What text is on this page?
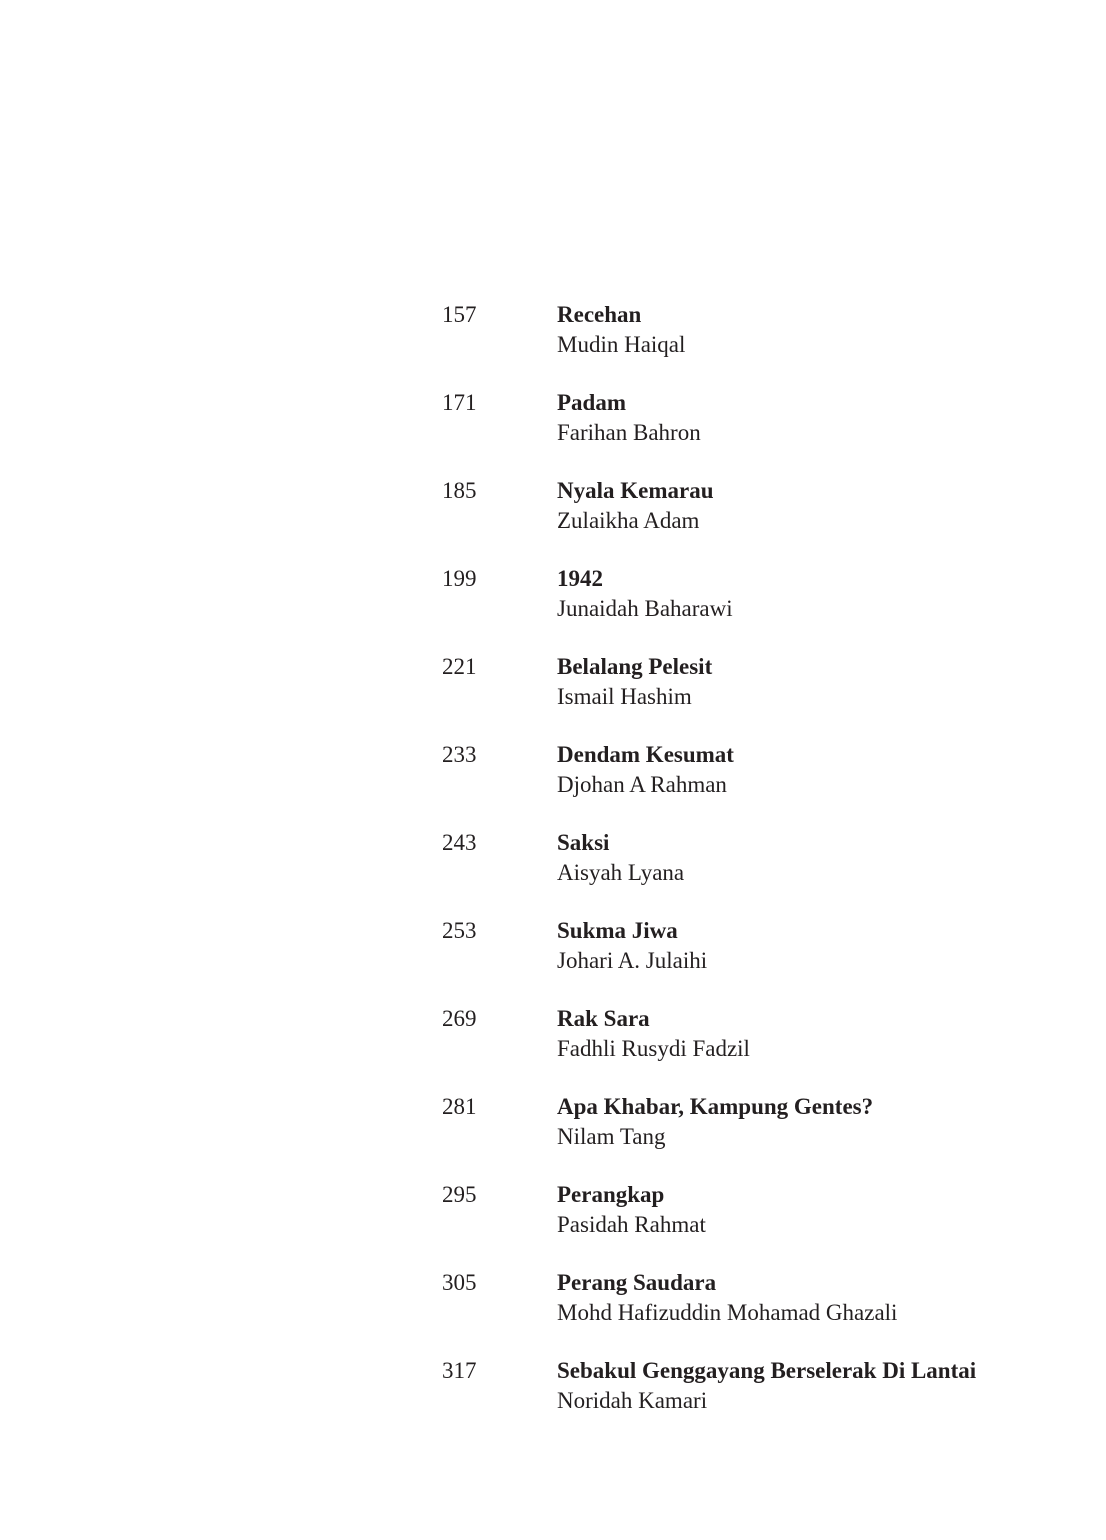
157	Recehan
Mudin Haiqal
171	Padam
Farihan Bahron
185	Nyala Kemarau
Zulaikha Adam
199	1942
Junaidah Baharawi
221	Belalang Pelesit
Ismail Hashim
233	Dendam Kesumat
Djohan A Rahman
243	Saksi
Aisyah Lyana
253	Sukma Jiwa
Johari A. Julaihi
269	Rak Sara
Fadhli Rusydi Fadzil
281	Apa Khabar, Kampung Gentes?
Nilam Tang
295	Perangkap
Pasidah Rahmat
305	Perang Saudara
Mohd Hafizuddin Mohamad Ghazali
317	Sebakul Genggayang Berselerak Di Lantai
Noridah Kamari
